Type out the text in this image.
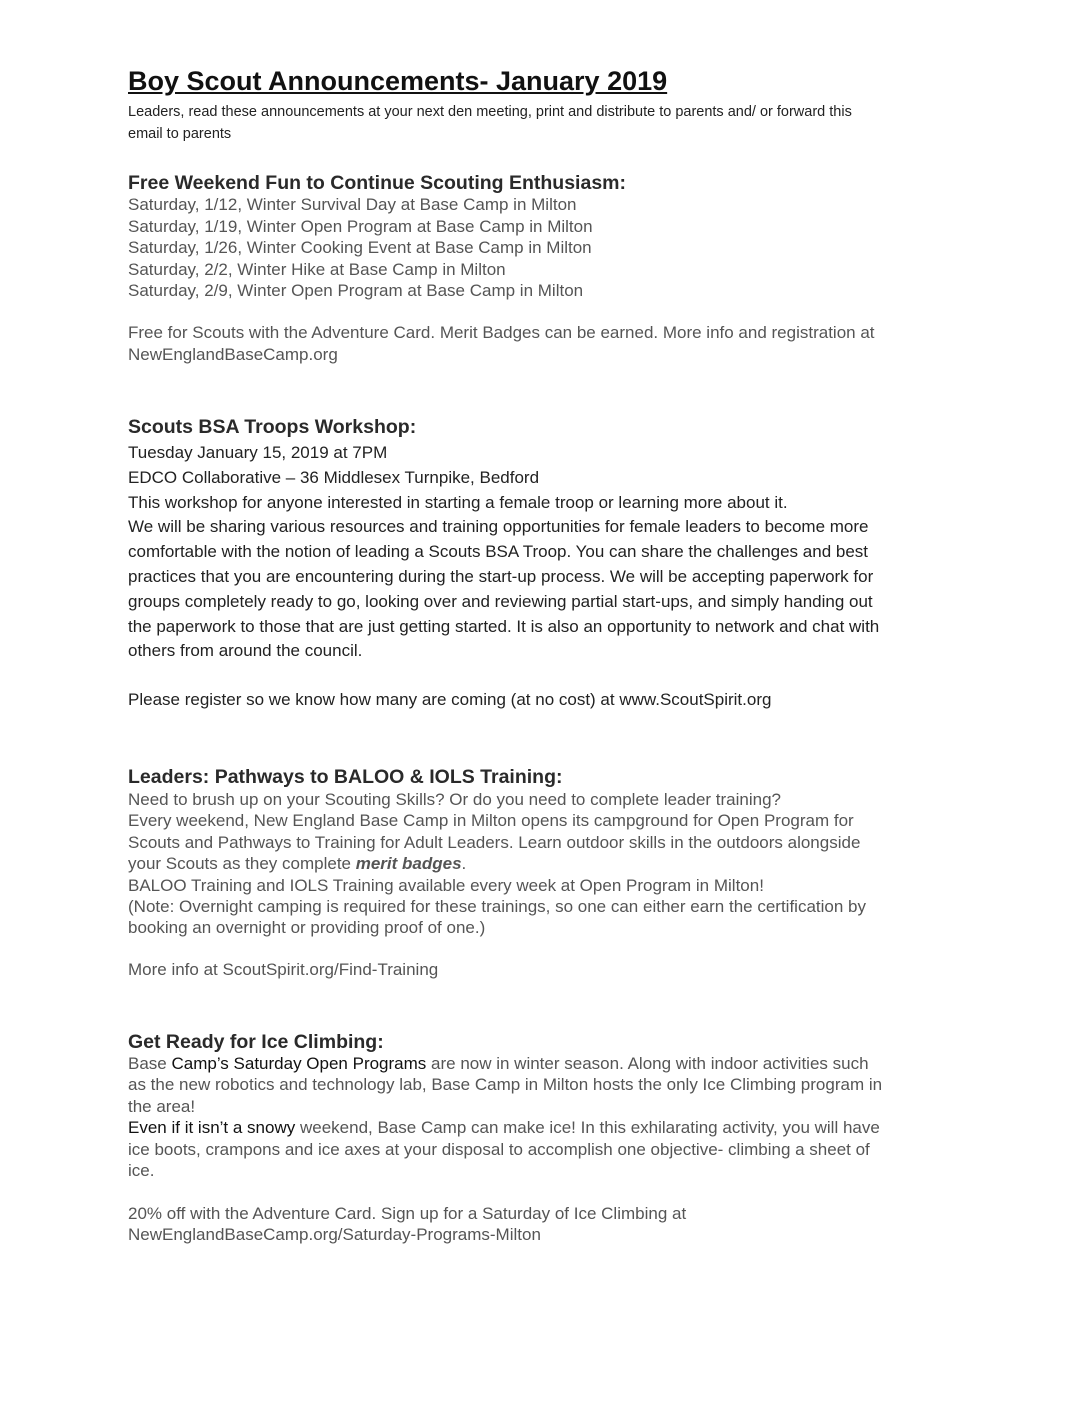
Boy Scout Announcements- January 2019
Leaders, read these announcements at your next den meeting, print and distribute to parents and/ or forward this
email to parents
Free Weekend Fun to Continue Scouting Enthusiasm:
Saturday, 1/12, Winter Survival Day at Base Camp in Milton
Saturday, 1/19, Winter Open Program at Base Camp in Milton
Saturday, 1/26, Winter Cooking Event at Base Camp in Milton
Saturday, 2/2, Winter Hike at Base Camp in Milton
Saturday, 2/9, Winter Open Program at Base Camp in Milton
Free for Scouts with the Adventure Card. Merit Badges can be earned. More info and registration at
NewEnglandBaseCamp.org
Scouts BSA Troops Workshop:
Tuesday January 15, 2019 at 7PM
EDCO Collaborative – 36 Middlesex Turnpike, Bedford
This workshop for anyone interested in starting a female troop or learning more about it.
We will be sharing various resources and training opportunities for female leaders to become more
comfortable with the notion of leading a Scouts BSA Troop. You can share the challenges and best
practices that you are encountering during the start-up process. We will be accepting paperwork for
groups completely ready to go, looking over and reviewing partial start-ups, and simply handing out
the paperwork to those that are just getting started. It is also an opportunity to network and chat with
others from around the council.
Please register so we know how many are coming (at no cost) at www.ScoutSpirit.org
Leaders: Pathways to BALOO & IOLS Training:
Need to brush up on your Scouting Skills? Or do you need to complete leader training?
Every weekend, New England Base Camp in Milton opens its campground for Open Program for
Scouts and Pathways to Training for Adult Leaders. Learn outdoor skills in the outdoors alongside
your Scouts as they complete merit badges.
BALOO Training and IOLS Training available every week at Open Program in Milton!
(Note: Overnight camping is required for these trainings, so one can either earn the certification by
booking an overnight or providing proof of one.)
More info at ScoutSpirit.org/Find-Training
Get Ready for Ice Climbing:
Base Camp’s Saturday Open Programs are now in winter season. Along with indoor activities such
as the new robotics and technology lab, Base Camp in Milton hosts the only Ice Climbing program in
the area!
Even if it isn’t a snowy weekend, Base Camp can make ice! In this exhilarating activity, you will have
ice boots, crampons and ice axes at your disposal to accomplish one objective- climbing a sheet of
ice.
20% off with the Adventure Card. Sign up for a Saturday of Ice Climbing at
NewEnglandBaseCamp.org/Saturday-Programs-Milton
